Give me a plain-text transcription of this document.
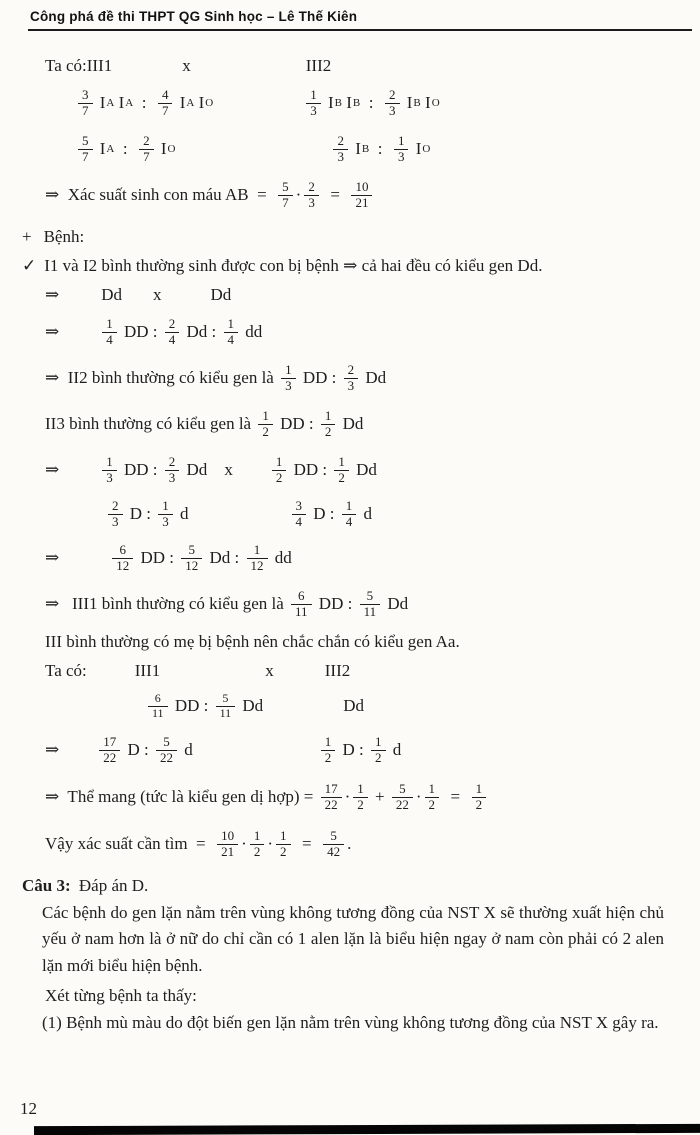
Công phá đề thi THPT QG Sinh học – Lê Thế Kiên
Ta có:III1	x	III2
$\frac{3}{7}$ I A I A : $\frac{4}{7}$ I A I O	$\frac{1}{3}$ I B I B : $\frac{2}{3}$ I B I O
$\frac{5}{7}$ I A : $\frac{2}{7}$ I O	$\frac{2}{3}$ I B : $\frac{1}{3}$ I O
⇒  Xác suất sinh con máu AB  = $\frac{5}{7} \cdot \frac{2}{3} = \frac{10}{21}$
+ Bệnh:
✓ I1 và I2 bình thường sinh được con bị bệnh ⇒ cả hai đều có kiểu gen Dd.
⇒ Dd x	Dd
⇒	$\frac{1}{4}$ DD : $\frac{2}{4}$ Dd : $\frac{1}{4}$ dd
⇒  II2 bình thường có kiểu gen là $\frac{1}{3}$ DD : $\frac{2}{3}$ Dd
II3 bình thường có kiểu gen là $\frac{1}{2}$ DD : $\frac{1}{2}$ Dd
⇒	$\frac{1}{3}$ DD : $\frac{2}{3}$ Dd x	$\frac{1}{2}$ DD : $\frac{1}{2}$ Dd
$\frac{2}{3}$ D : $\frac{1}{3}$ d	$\frac{3}{4}$ D : $\frac{1}{4}$ d
⇒	$\frac{6}{12}$ DD : $\frac{5}{12}$ Dd : $\frac{1}{12}$ dd
⇒   III1 bình thường có kiểu gen là $\frac{6}{11}$ DD : $\frac{5}{11}$ Dd
III bình thường có mẹ bị bệnh nên chắc chắn có kiểu gen Aa.
Ta có:	III1	x	III2
$\frac{6}{11}$ DD : $\frac{5}{11}$ Dd	Dd
⇒	$\frac{17}{22}$ D : $\frac{5}{22}$ d	$\frac{1}{2}$ D : $\frac{1}{2}$ d
⇒  Thể mang (tức là kiểu gen dị hợp) = $\frac{17}{22} \cdot \frac{1}{2} + \frac{5}{22} \cdot \frac{1}{2} = \frac{1}{2}$
Vậy xác suất cần tìm  = $\frac{10}{21} \cdot \frac{1}{2} \cdot \frac{1}{2} = \frac{5}{42}$ .
Câu 3: Đáp án D.

Các bệnh do gen lặn nằm trên vùng không tương đồng của NST X sẽ thường xuất hiện chủ yếu ở nam hơn là ở nữ do chỉ cần có 1 alen lặn là biểu hiện ngay ở nam còn phải có 2 alen lặn mới biểu hiện bệnh.

Xét từng bệnh ta thấy:

(1) Bệnh mù màu do đột biến gen lặn nằm trên vùng không tương đồng của NST X gây ra.

12
